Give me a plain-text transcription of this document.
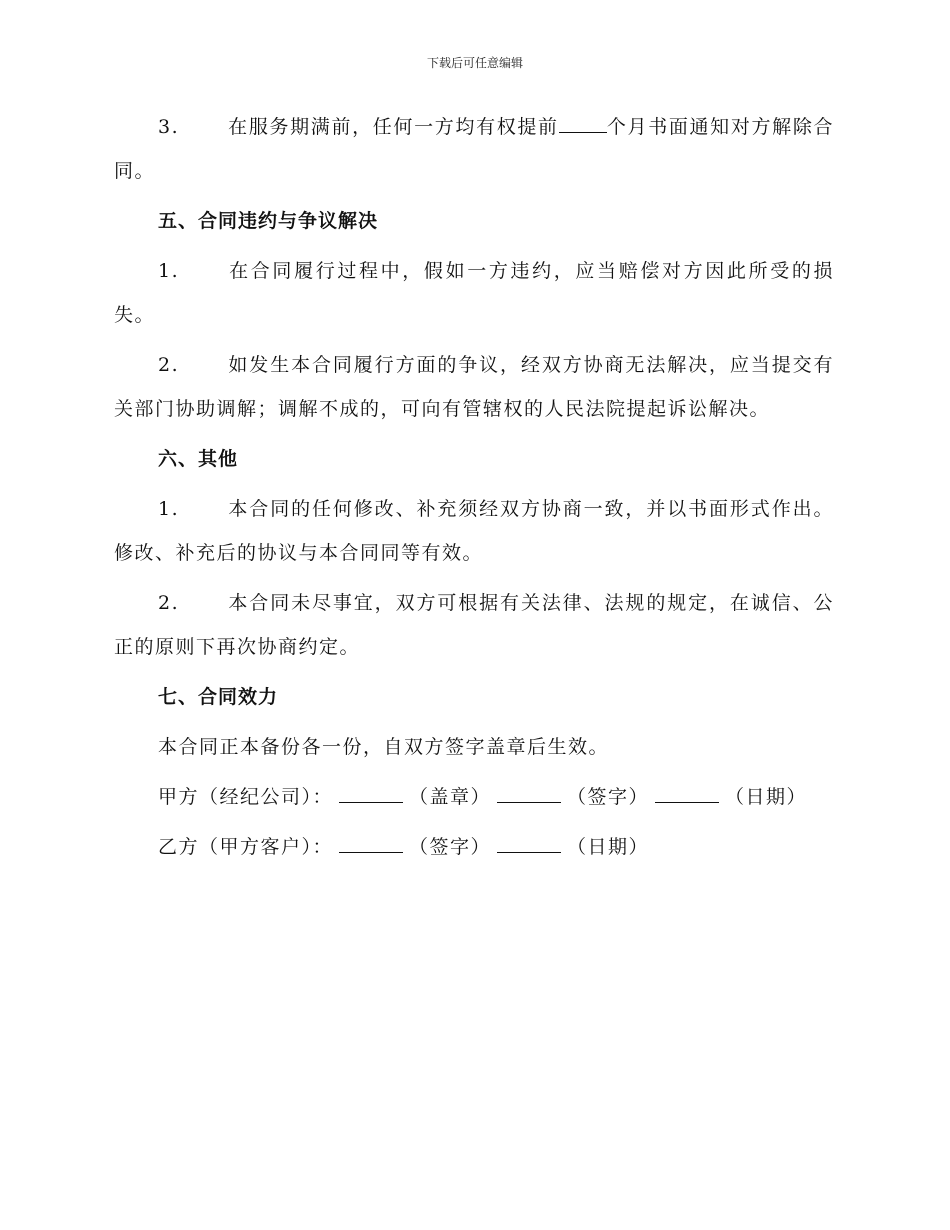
下载后可任意编辑

3.	在服务期满前，任何一方均有权提前	个月书面通知对方解除合同。

五、合同违约与争议解决

1.	在合同履行过程中，假如一方违约，应当赔偿对方因此所受的损失。

2.	如发生本合同履行方面的争议，经双方协商无法解决，应当提交有关部门协助调解；调解不成的，可向有管辖权的人民法院提起诉讼解决。

六、其他

1.	本合同的任何修改、补充须经双方协商一致，并以书面形式作出。修改、补充后的协议与本合同同等有效。

2.	本合同未尽事宜，双方可根据有关法律、法规的规定，在诚信、公正的原则下再次协商约定。

七、合同效力

本合同正本备份各一份，自双方签字盖章后生效。

甲方（经纪公司）：	（盖章）	（签字）	（日期）

乙方（甲方客户）：	（签字）	（日期）
